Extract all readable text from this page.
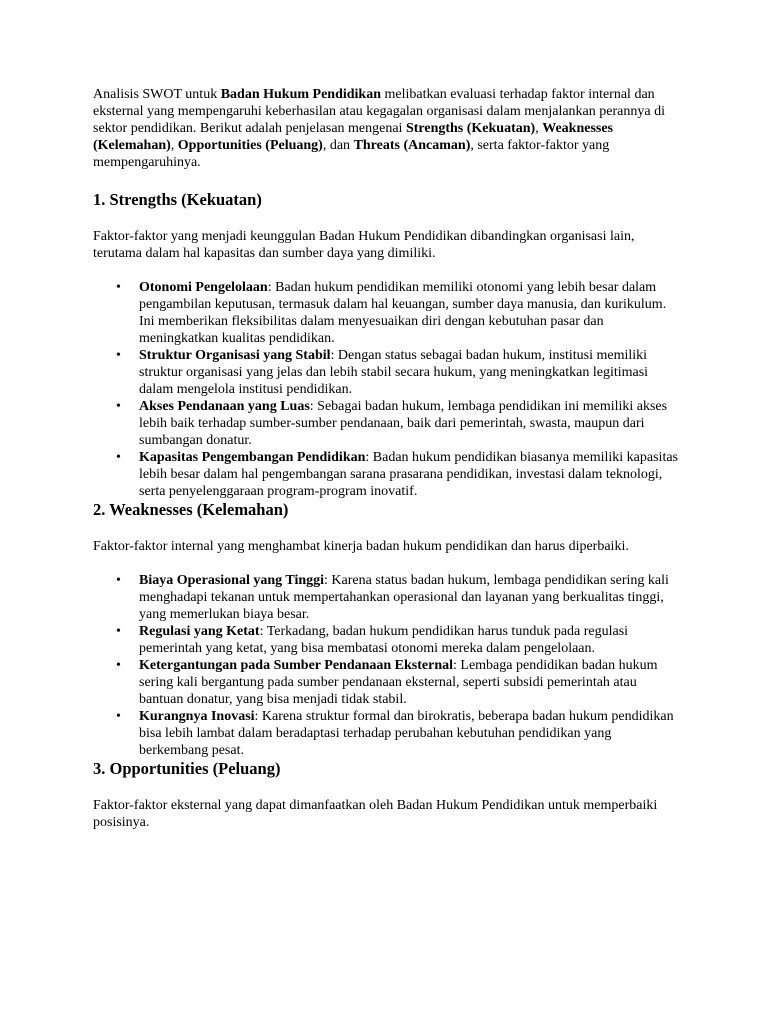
Analisis SWOT untuk Badan Hukum Pendidikan melibatkan evaluasi terhadap faktor internal dan eksternal yang mempengaruhi keberhasilan atau kegagalan organisasi dalam menjalankan perannya di sektor pendidikan. Berikut adalah penjelasan mengenai Strengths (Kekuatan), Weaknesses (Kelemahan), Opportunities (Peluang), dan Threats (Ancaman), serta faktor-faktor yang mempengaruhinya.

1. Strengths (Kekuatan)

Faktor-faktor yang menjadi keunggulan Badan Hukum Pendidikan dibandingkan organisasi lain, terutama dalam hal kapasitas dan sumber daya yang dimiliki.

• Otonomi Pengelolaan: Badan hukum pendidikan memiliki otonomi yang lebih besar dalam pengambilan keputusan, termasuk dalam hal keuangan, sumber daya manusia, dan kurikulum. Ini memberikan fleksibilitas dalam menyesuaikan diri dengan kebutuhan pasar dan meningkatkan kualitas pendidikan.
• Struktur Organisasi yang Stabil: Dengan status sebagai badan hukum, institusi memiliki struktur organisasi yang jelas dan lebih stabil secara hukum, yang meningkatkan legitimasi dalam mengelola institusi pendidikan.
• Akses Pendanaan yang Luas: Sebagai badan hukum, lembaga pendidikan ini memiliki akses lebih baik terhadap sumber-sumber pendanaan, baik dari pemerintah, swasta, maupun dari sumbangan donatur.
• Kapasitas Pengembangan Pendidikan: Badan hukum pendidikan biasanya memiliki kapasitas lebih besar dalam hal pengembangan sarana prasarana pendidikan, investasi dalam teknologi, serta penyelenggaraan program-program inovatif.
2. Weaknesses (Kelemahan)

Faktor-faktor internal yang menghambat kinerja badan hukum pendidikan dan harus diperbaiki.

• Biaya Operasional yang Tinggi: Karena status badan hukum, lembaga pendidikan sering kali menghadapi tekanan untuk mempertahankan operasional dan layanan yang berkualitas tinggi, yang memerlukan biaya besar.
• Regulasi yang Ketat: Terkadang, badan hukum pendidikan harus tunduk pada regulasi pemerintah yang ketat, yang bisa membatasi otonomi mereka dalam pengelolaan.
• Ketergantungan pada Sumber Pendanaan Eksternal: Lembaga pendidikan badan hukum sering kali bergantung pada sumber pendanaan eksternal, seperti subsidi pemerintah atau bantuan donatur, yang bisa menjadi tidak stabil.
• Kurangnya Inovasi: Karena struktur formal dan birokratis, beberapa badan hukum pendidikan bisa lebih lambat dalam beradaptasi terhadap perubahan kebutuhan pendidikan yang berkembang pesat.
3. Opportunities (Peluang)

Faktor-faktor eksternal yang dapat dimanfaatkan oleh Badan Hukum Pendidikan untuk memperbaiki posisinya.
